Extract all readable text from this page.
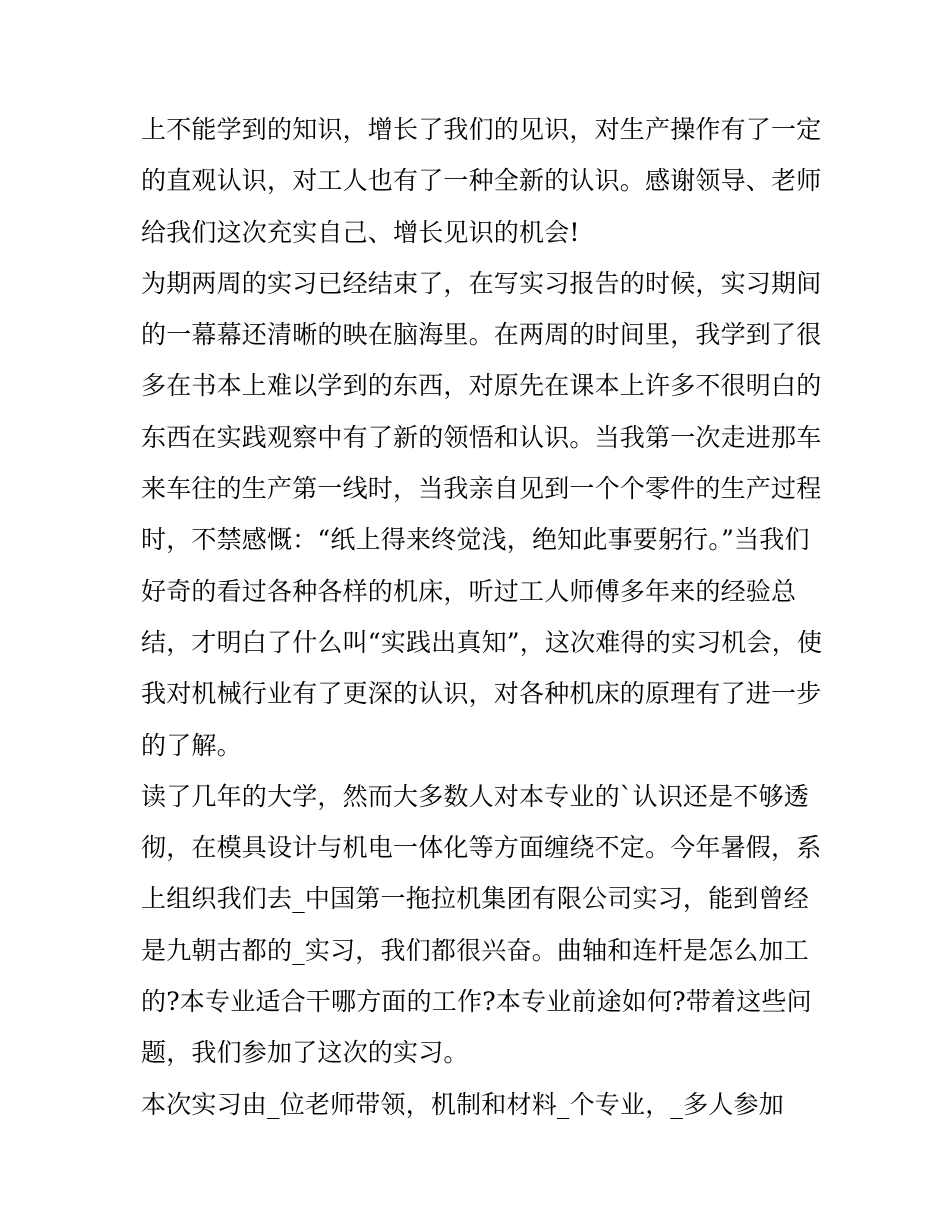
上不能学到的知识，增长了我们的见识，对生产操作有了一定
的直观认识，对工人也有了一种全新的认识。感谢领导、老师
给我们这次充实自己、增长见识的机会!
为期两周的实习已经结束了，在写实习报告的时候，实习期间
的一幕幕还清晰的映在脑海里。在两周的时间里，我学到了很
多在书本上难以学到的东西，对原先在课本上许多不很明白的
东西在实践观察中有了新的领悟和认识。当我第一次走进那车
来车往的生产第一线时，当我亲自见到一个个零件的生产过程
时，不禁感慨：“纸上得来终觉浅，绝知此事要躬行。”当我们
好奇的看过各种各样的机床，听过工人师傅多年来的经验总
结，才明白了什么叫“实践出真知”，这次难得的实习机会，使
我对机械行业有了更深的认识，对各种机床的原理有了进一步
的了解。
读了几年的大学，然而大多数人对本专业的`认识还是不够透
彻，在模具设计与机电一体化等方面缠绕不定。今年暑假，系
上组织我们去_中国第一拖拉机集团有限公司实习，能到曾经
是九朝古都的_实习，我们都很兴奋。曲轴和连杆是怎么加工
的?本专业适合干哪方面的工作?本专业前途如何?带着这些问
题，我们参加了这次的实习。
本次实习由_位老师带领，机制和材料_个专业，_多人参加
